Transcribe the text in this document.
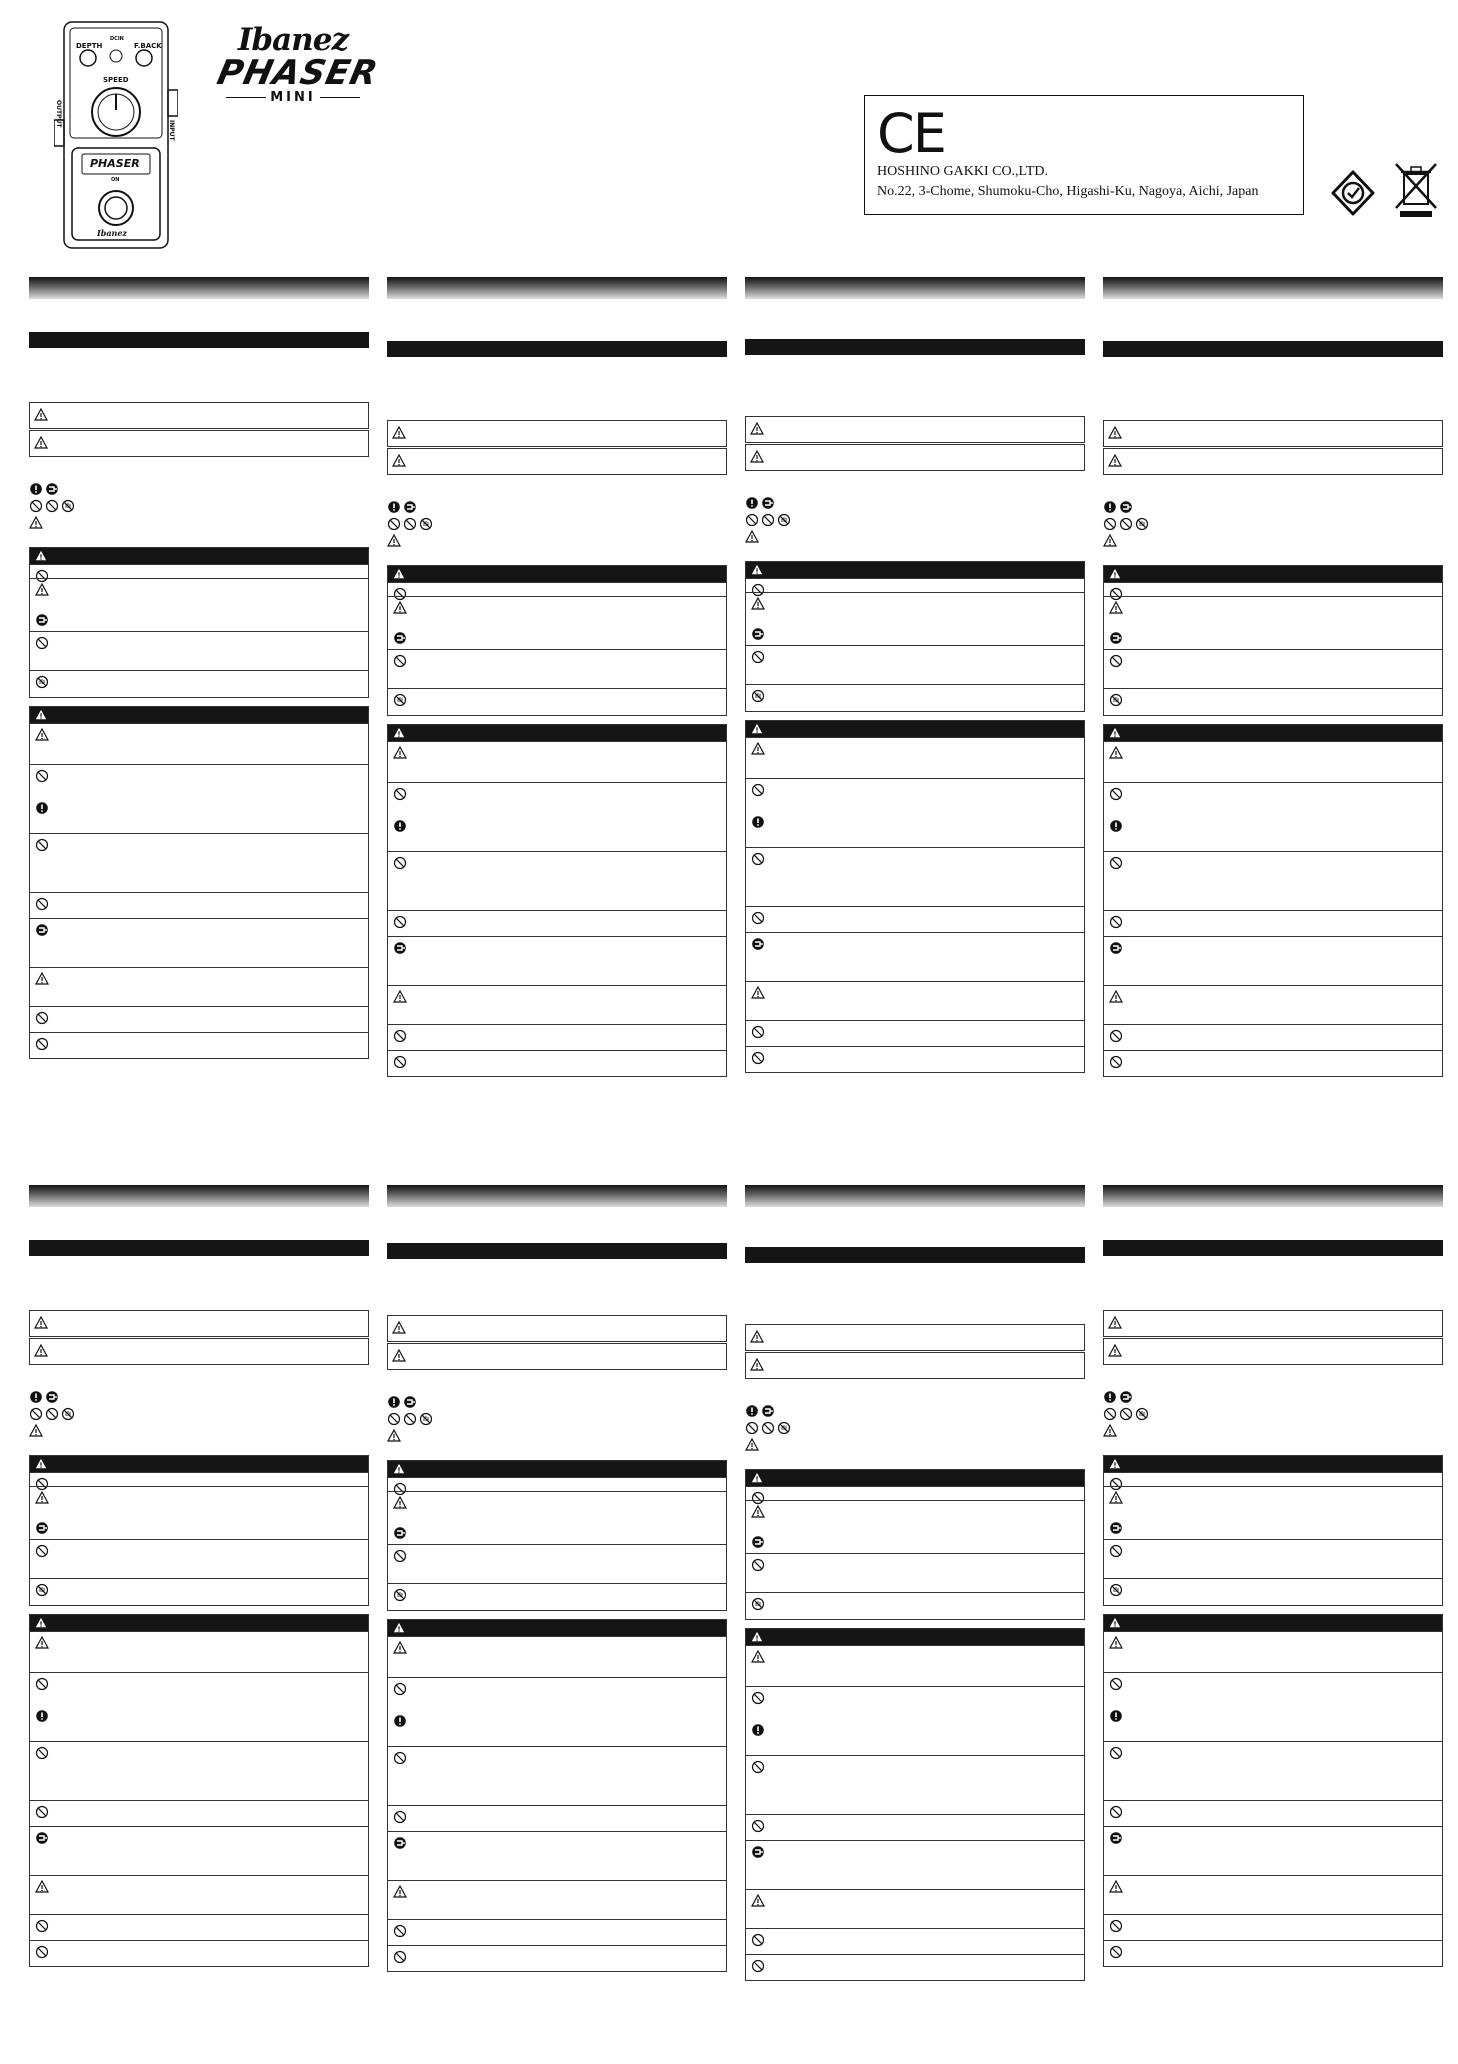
DEPTH
DCIN
F.BACK
SPEED
OUTPUT
INPUT
PHASER
ON
Ibanez
Ibanez
PHASER
MINI
CE
HOSHINO GAKKI CO.,LTD.
No.22, 3-Chome, Shumoku-Cho, Higashi-Ku, Nagoya, Aichi, Japan
